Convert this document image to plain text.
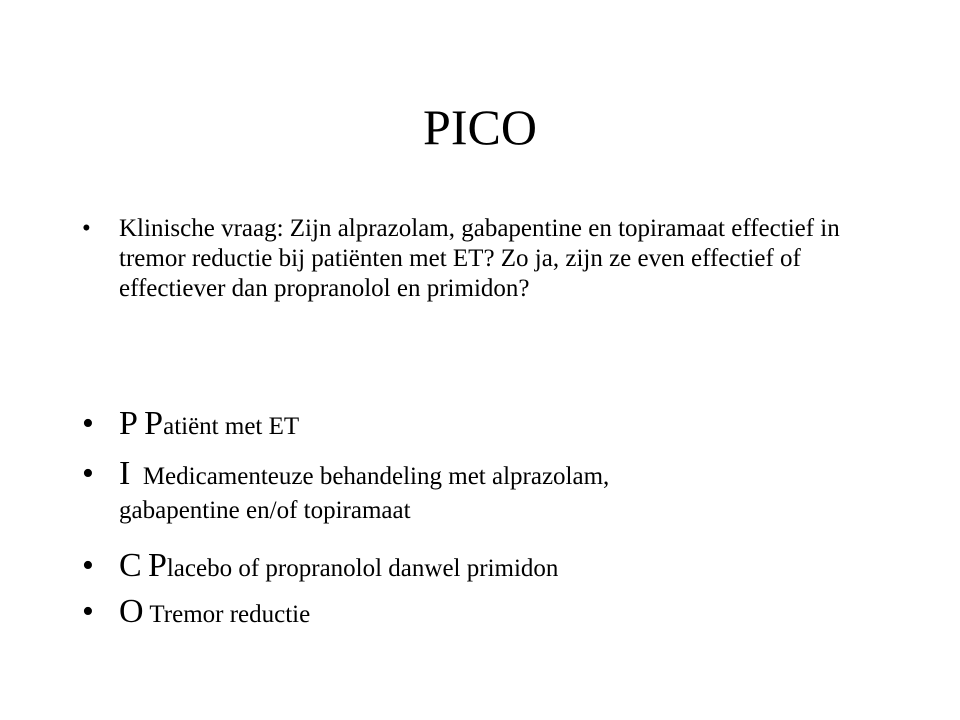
PICO
• Klinische vraag: Zijn alprazolam, gabapentine en topiramaat effectief in tremor reductie bij patiënten met ET? Zo ja, zijn ze even effectief of effectiever dan propranolol en primidon?
• P Patiënt met ET
• I Medicamenteuze behandeling met alprazolam,
gabapentine en/of topiramaat
• C Placebo of propranolol danwel primidon
• O Tremor reductie
